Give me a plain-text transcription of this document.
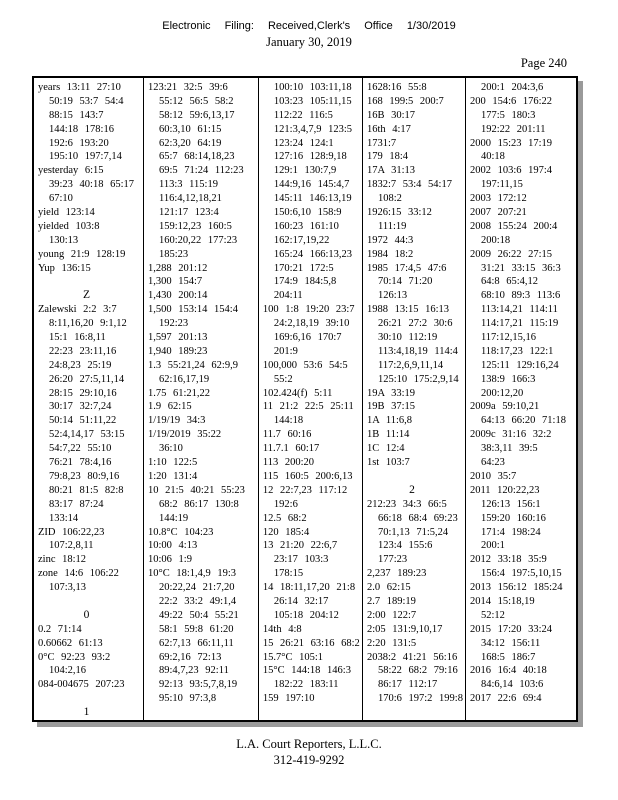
Electronic Filing: Received,Clerk's Office 1/30/2019
January 30, 2019
Page 240
years 13:11 27:10
50:19 53:7 54:4
88:15 143:7
144:18 178:16
192:6 193:20
195:10 197:7,14
yesterday 6:15
39:23 40:18 65:17
67:10
yield 123:14
yielded 103:8
130:13
young 21:9 128:19
Yup 136:15
Z
Zalewski 2:2 3:7
8:11,16,20 9:1,12
15:1 16:8,11
22:23 23:11,16
24:8,23 25:19
26:20 27:5,11,14
28:15 29:10,16
30:17 32:7,24
50:14 51:11,22
52:4,14,17 53:15
54:7,22 55:10
76:21 78:4,16
79:8,23 80:9,16
80:21 81:5 82:8
83:17 87:24
133:14
ZID 106:22,23
107:2,8,11
zinc 18:12
zone 14:6 106:22
107:3,13
0
0.2 71:14
0.60662 61:13
0°C 92:23 93:2
104:2,16
084-004675 207:23
1
123:21 32:5 39:6
55:12 56:5 58:2
58:12 59:6,13,17
60:3,10 61:15
62:3,20 64:19
65:7 68:14,18,23
69:5 71:24 112:23
113:3 115:19
116:4,12,18,21
121:17 123:4
159:12,23 160:5
160:20,22 177:23
185:23
1,288 201:12
1,300 154:7
1,430 200:14
1,500 153:14 154:4
192:23
1,597 201:13
1,940 189:23
1.3 55:21,24 62:9,9
62:16,17,19
1.75 61:21,22
1.9 62:15
1/19/19 34:3
1/19/2019 35:22
36:10
1:10 122:5
1:20 131:4
10 21:5 40:21 55:23
68:2 86:17 130:8
144:19
10.8°C 104:23
10:00 4:13
10:06 1:9
10°C 18:1,4,9 19:3
20:22,24 21:7,20
22:2 33:2 49:1,4
49:22 50:4 55:21
58:1 59:8 61:20
62:7,13 66:11,11
69:2,16 72:13
89:4,7,23 92:11
92:13 93:5,7,8,19
95:10 97:3,8
100:10 103:11,18
103:23 105:11,15
112:22 116:5
121:3,4,7,9 123:5
123:24 124:1
127:16 128:9,18
129:1 130:7,9
144:9,16 145:4,7
145:11 146:13,19
150:6,10 158:9
160:23 161:10
162:17,19,22
165:24 166:13,23
170:21 172:5
174:9 184:5,8
204:11
100 1:8 19:20 23:7
24:2,18,19 39:10
169:6,16 170:7
201:9
100,000 53:6 54:5
55:2
102.424(f) 5:11
11 21:2 22:5 25:11
144:18
11.7 60:16
11.7.1 60:17
113 200:20
115 160:5 200:6,13
12 22:7,23 117:12
192:6
12.5 68:2
120 185:4
13 21:20 22:6,7
23:17 103:3
178:15
14 18:11,17,20 21:8
26:14 32:17
105:18 204:12
14th 4:8
15 26:21 63:16 68:2
15.7°C 105:1
15°C 144:18 146:3
182:22 183:11
159 197:10
1628:16 55:8
168 199:5 200:7
16B 30:17
16th 4:17
1731:7
179 18:4
17A 31:13
1832:7 53:4 54:17
108:2
1926:15 33:12
111:19
1972 44:3
1984 18:2
1985 17:4,5 47:6
70:14 71:20
126:13
1988 13:15 16:13
26:21 27:2 30:6
30:10 112:19
113:4,18,19 114:4
117:2,6,9,11,14
125:10 175:2,9,14
19A 33:19
19B 37:15
1A 11:6,8
1B 11:14
1C 12:4
1st 103:7
2
212:23 34:3 66:5
66:18 68:4 69:23
70:1,13 71:5,24
123:4 155:6
177:23
2,237 189:23
2.0 62:15
2.7 189:19
2:00 122:7
2:05 131:9,10,17
2:20 131:5
2038:2 41:21 56:16
58:22 68:2 79:16
86:17 112:17
170:6 197:2 199:8
200:1 204:3,6
200 154:6 176:22
177:5 180:3
192:22 201:11
2000 15:23 17:19
40:18
2002 103:6 197:4
197:11,15
2003 172:12
2007 207:21
2008 155:24 200:4
200:18
2009 26:22 27:15
31:21 33:15 36:3
64:8 65:4,12
68:10 89:3 113:6
113:14,21 114:11
114:17,21 115:19
117:12,15,16
118:17,23 122:1
125:11 129:16,24
138:9 166:3
200:12,20
2009a 59:10,21
64:13 66:20 71:18
2009c 31:16 32:2
38:3,11 39:5
64:23
2010 35:7
2011 120:22,23
126:13 156:1
159:20 160:16
171:4 198:24
200:1
2012 33:18 35:9
156:4 197:5,10,15
2013 156:12 185:24
2014 15:18,19
52:12
2015 17:20 33:24
34:12 156:11
168:5 186:7
2016 16:4 40:18
84:6,14 103:6
2017 22:6 69:4
L.A. Court Reporters, L.L.C.
312-419-9292
